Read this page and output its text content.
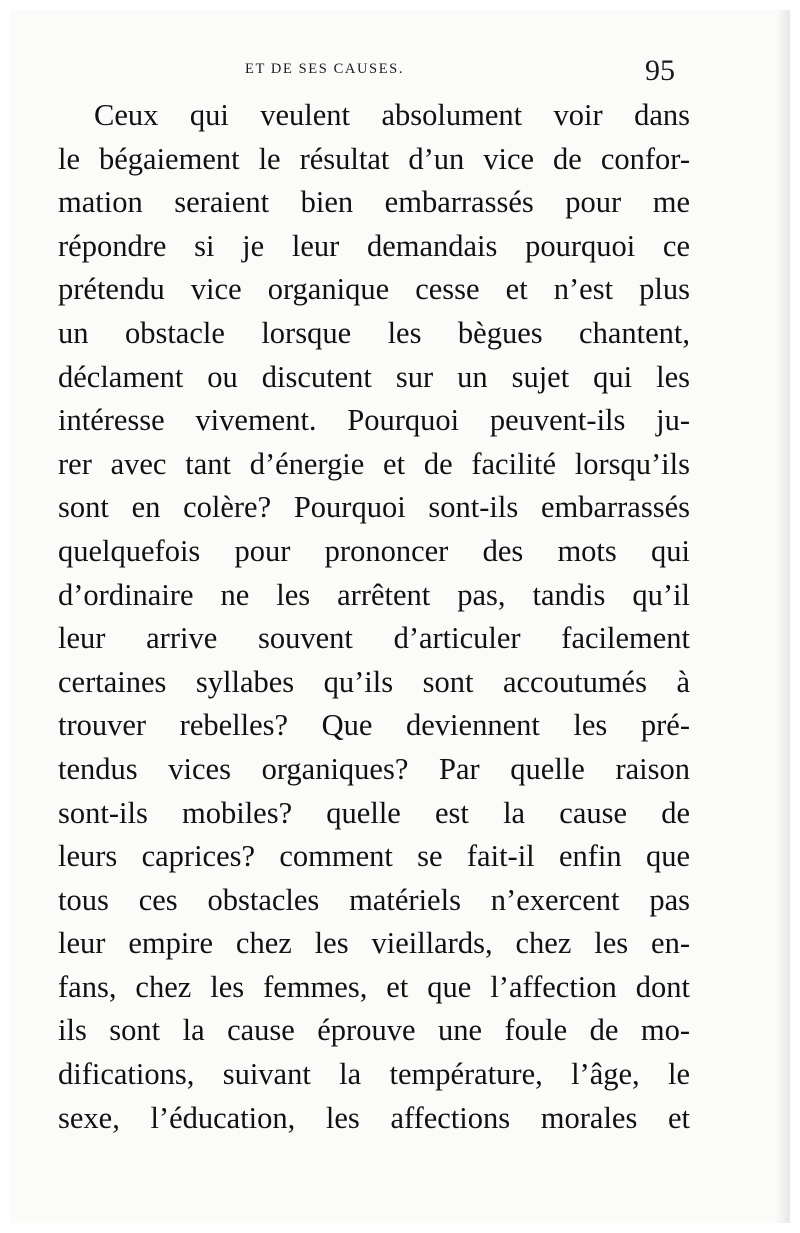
ET DE SES CAUSES.	95
Ceux qui veulent absolument voir dans
le bégaiement le résultat d’un vice de confor-
mation seraient bien embarrassés pour me
répondre si je leur demandais pourquoi ce
prétendu vice organique cesse et n’est plus
un obstacle lorsque les bègues chantent,
déclament ou discutent sur un sujet qui les
intéresse vivement. Pourquoi peuvent-ils ju-
rer avec tant d’énergie et de facilité lorsqu’ils
sont en colère? Pourquoi sont-ils embarrassés
quelquefois pour prononcer des mots qui
d’ordinaire ne les arrêtent pas, tandis qu’il
leur arrive souvent d’articuler facilement
certaines syllabes qu’ils sont accoutumés à
trouver rebelles? Que deviennent les pré-
tendus vices organiques? Par quelle raison
sont-ils mobiles? quelle est la cause de
leurs caprices? comment se fait-il enfin que
tous ces obstacles matériels n’exercent pas
leur empire chez les vieillards, chez les en-
fans, chez les femmes, et que l’affection dont
ils sont la cause éprouve une foule de mo-
difications, suivant la température, l’âge, le
sexe, l’éducation, les affections morales et
